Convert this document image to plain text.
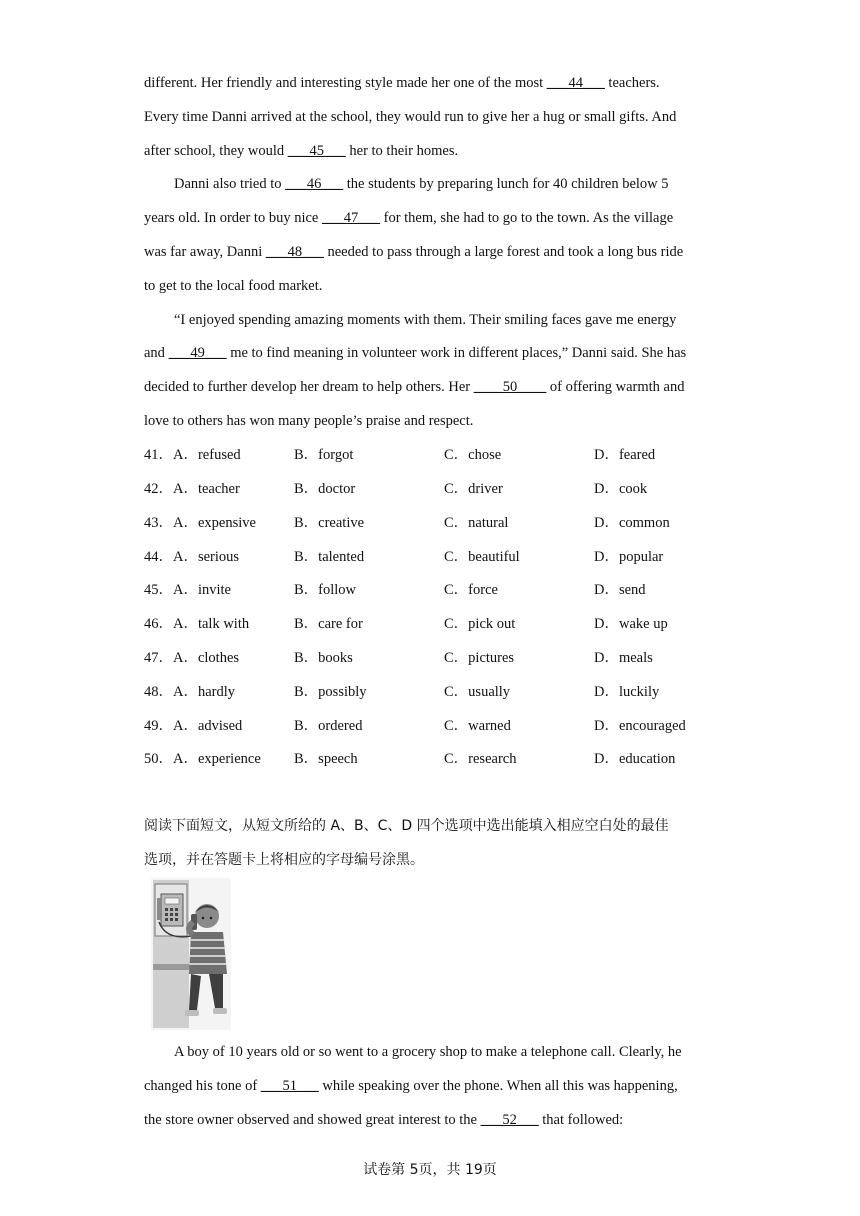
different. Her friendly and interesting style made her one of the most ___44___ teachers.
Every time Danni arrived at the school, they would run to give her a hug or small gifts. And
after school, they would ___45___ her to their homes.
Danni also tried to ___46___ the students by preparing lunch for 40 children below 5
years old. In order to buy nice ___47___ for them, she had to go to the town. As the village
was far away, Danni ___48___ needed to pass through a large forest and took a long bus ride
to get to the local food market.
“I enjoyed spending amazing moments with them. Their smiling faces gave me energy
and ___49___ me to find meaning in volunteer work in different places,” Danni said. She has
decided to further develop her dream to help others. Her ____50____ of offering warmth and
love to others has won many people’s praise and respect.
41．A．refused	B．forgot	C．chose	D．feared
42．A．teacher	B．doctor	C．driver	D．cook
43．A．expensive	B．creative	C．natural	D．common
44．A．serious	B．talented	C．beautiful	D．popular
45．A．invite	B．follow	C．force	D．send
46．A．talk with	B．care for	C．pick out	D．wake up
47．A．clothes	B．books	C．pictures	D．meals
48．A．hardly	B．possibly	C．usually	D．luckily
49．A．advised	B．ordered	C．warned	D．encouraged
50．A．experience B．speech	C．research	D．education
阅读下面短文，从短文所给的 A、B、C、D 四个选项中选出能填入相应空白处的最佳
选项，并在答题卡上将相应的字母编号涂黑。
A boy of 10 years old or so went to a grocery shop to make a telephone call. Clearly, he
changed his tone of ___51___ while speaking over the phone. When all this was happening,
the store owner observed and showed great interest to the ___52___ that followed:
试卷第 5页，共 19页
